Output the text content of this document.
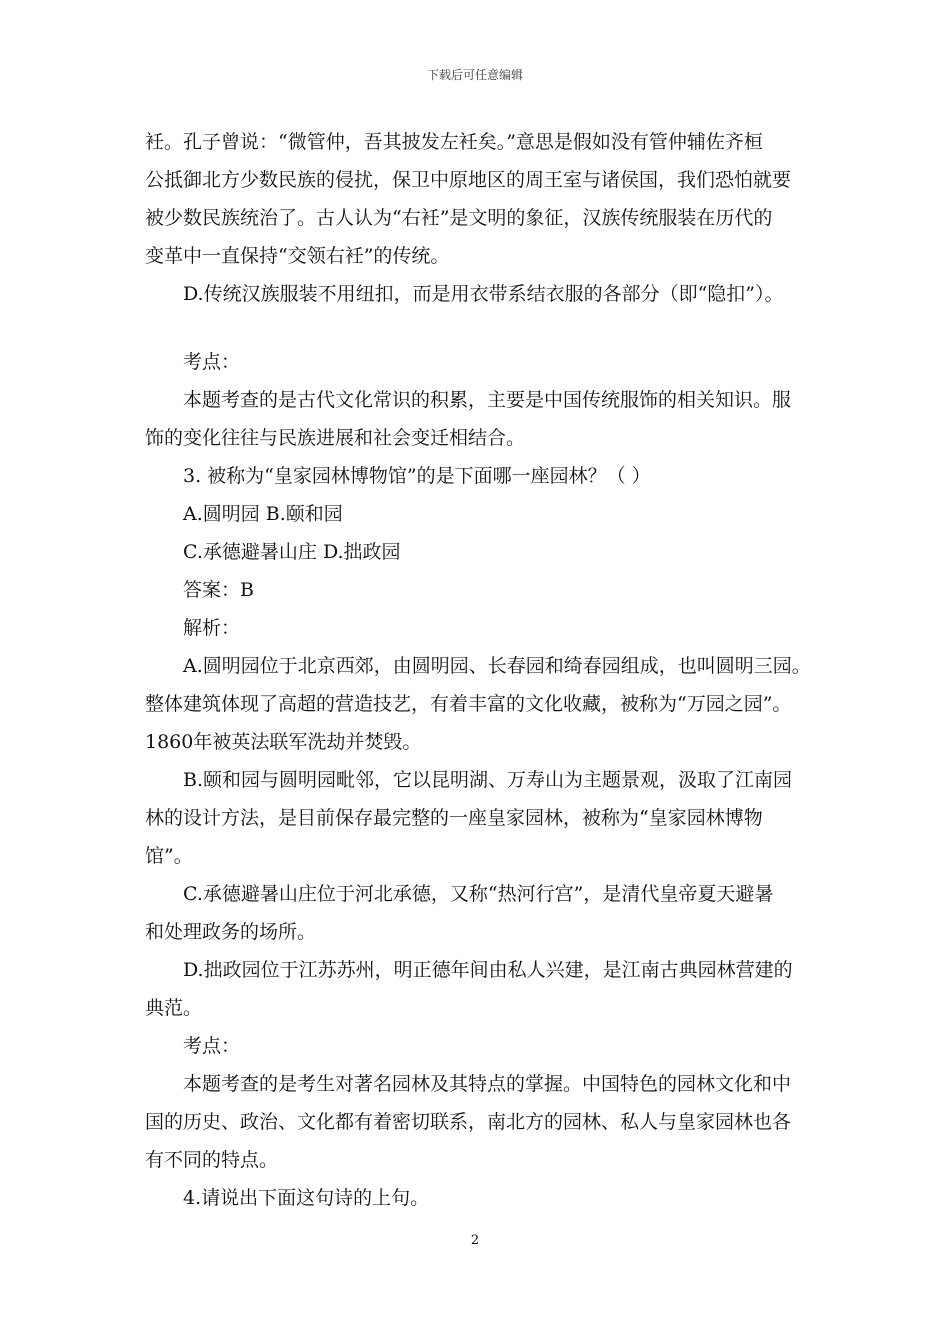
下载后可任意编辑
衽。孔子曾说：“微管仲，吾其披发左衽矣。”意思是假如没有管仲辅佐齐桓
公抵御北方少数民族的侵扰，保卫中原地区的周王室与诸侯国，我们恐怕就要
被少数民族统治了。古人认为“右衽”是文明的象征，汉族传统服装在历代的
变革中一直保持“交领右衽”的传统。
D.传统汉族服装不用纽扣，而是用衣带系结衣服的各部分（即“隐扣”）。
考点：
本题考查的是古代文化常识的积累，主要是中国传统服饰的相关知识。服
饰的变化往往与民族进展和社会变迁相结合。
3. 被称为“皇家园林博物馆”的是下面哪一座园林？（ ）
A.圆明园 B.颐和园
C.承德避暑山庄 D.拙政园
答案：B
解析：
A.圆明园位于北京西郊，由圆明园、长春园和绮春园组成，也叫圆明三园。
整体建筑体现了高超的营造技艺，有着丰富的文化收藏，被称为“万园之园”。
1860年被英法联军洗劫并焚毁。
B.颐和园与圆明园毗邻，它以昆明湖、万寿山为主题景观，汲取了江南园
林的设计方法，是目前保存最完整的一座皇家园林，被称为“皇家园林博物
馆”。
C.承德避暑山庄位于河北承德，又称“热河行宫”，是清代皇帝夏天避暑
和处理政务的场所。
D.拙政园位于江苏苏州，明正德年间由私人兴建，是江南古典园林营建的
典范。
考点：
本题考查的是考生对著名园林及其特点的掌握。中国特色的园林文化和中
国的历史、政治、文化都有着密切联系，南北方的园林、私人与皇家园林也各
有不同的特点。
4.请说出下面这句诗的上句。
2
